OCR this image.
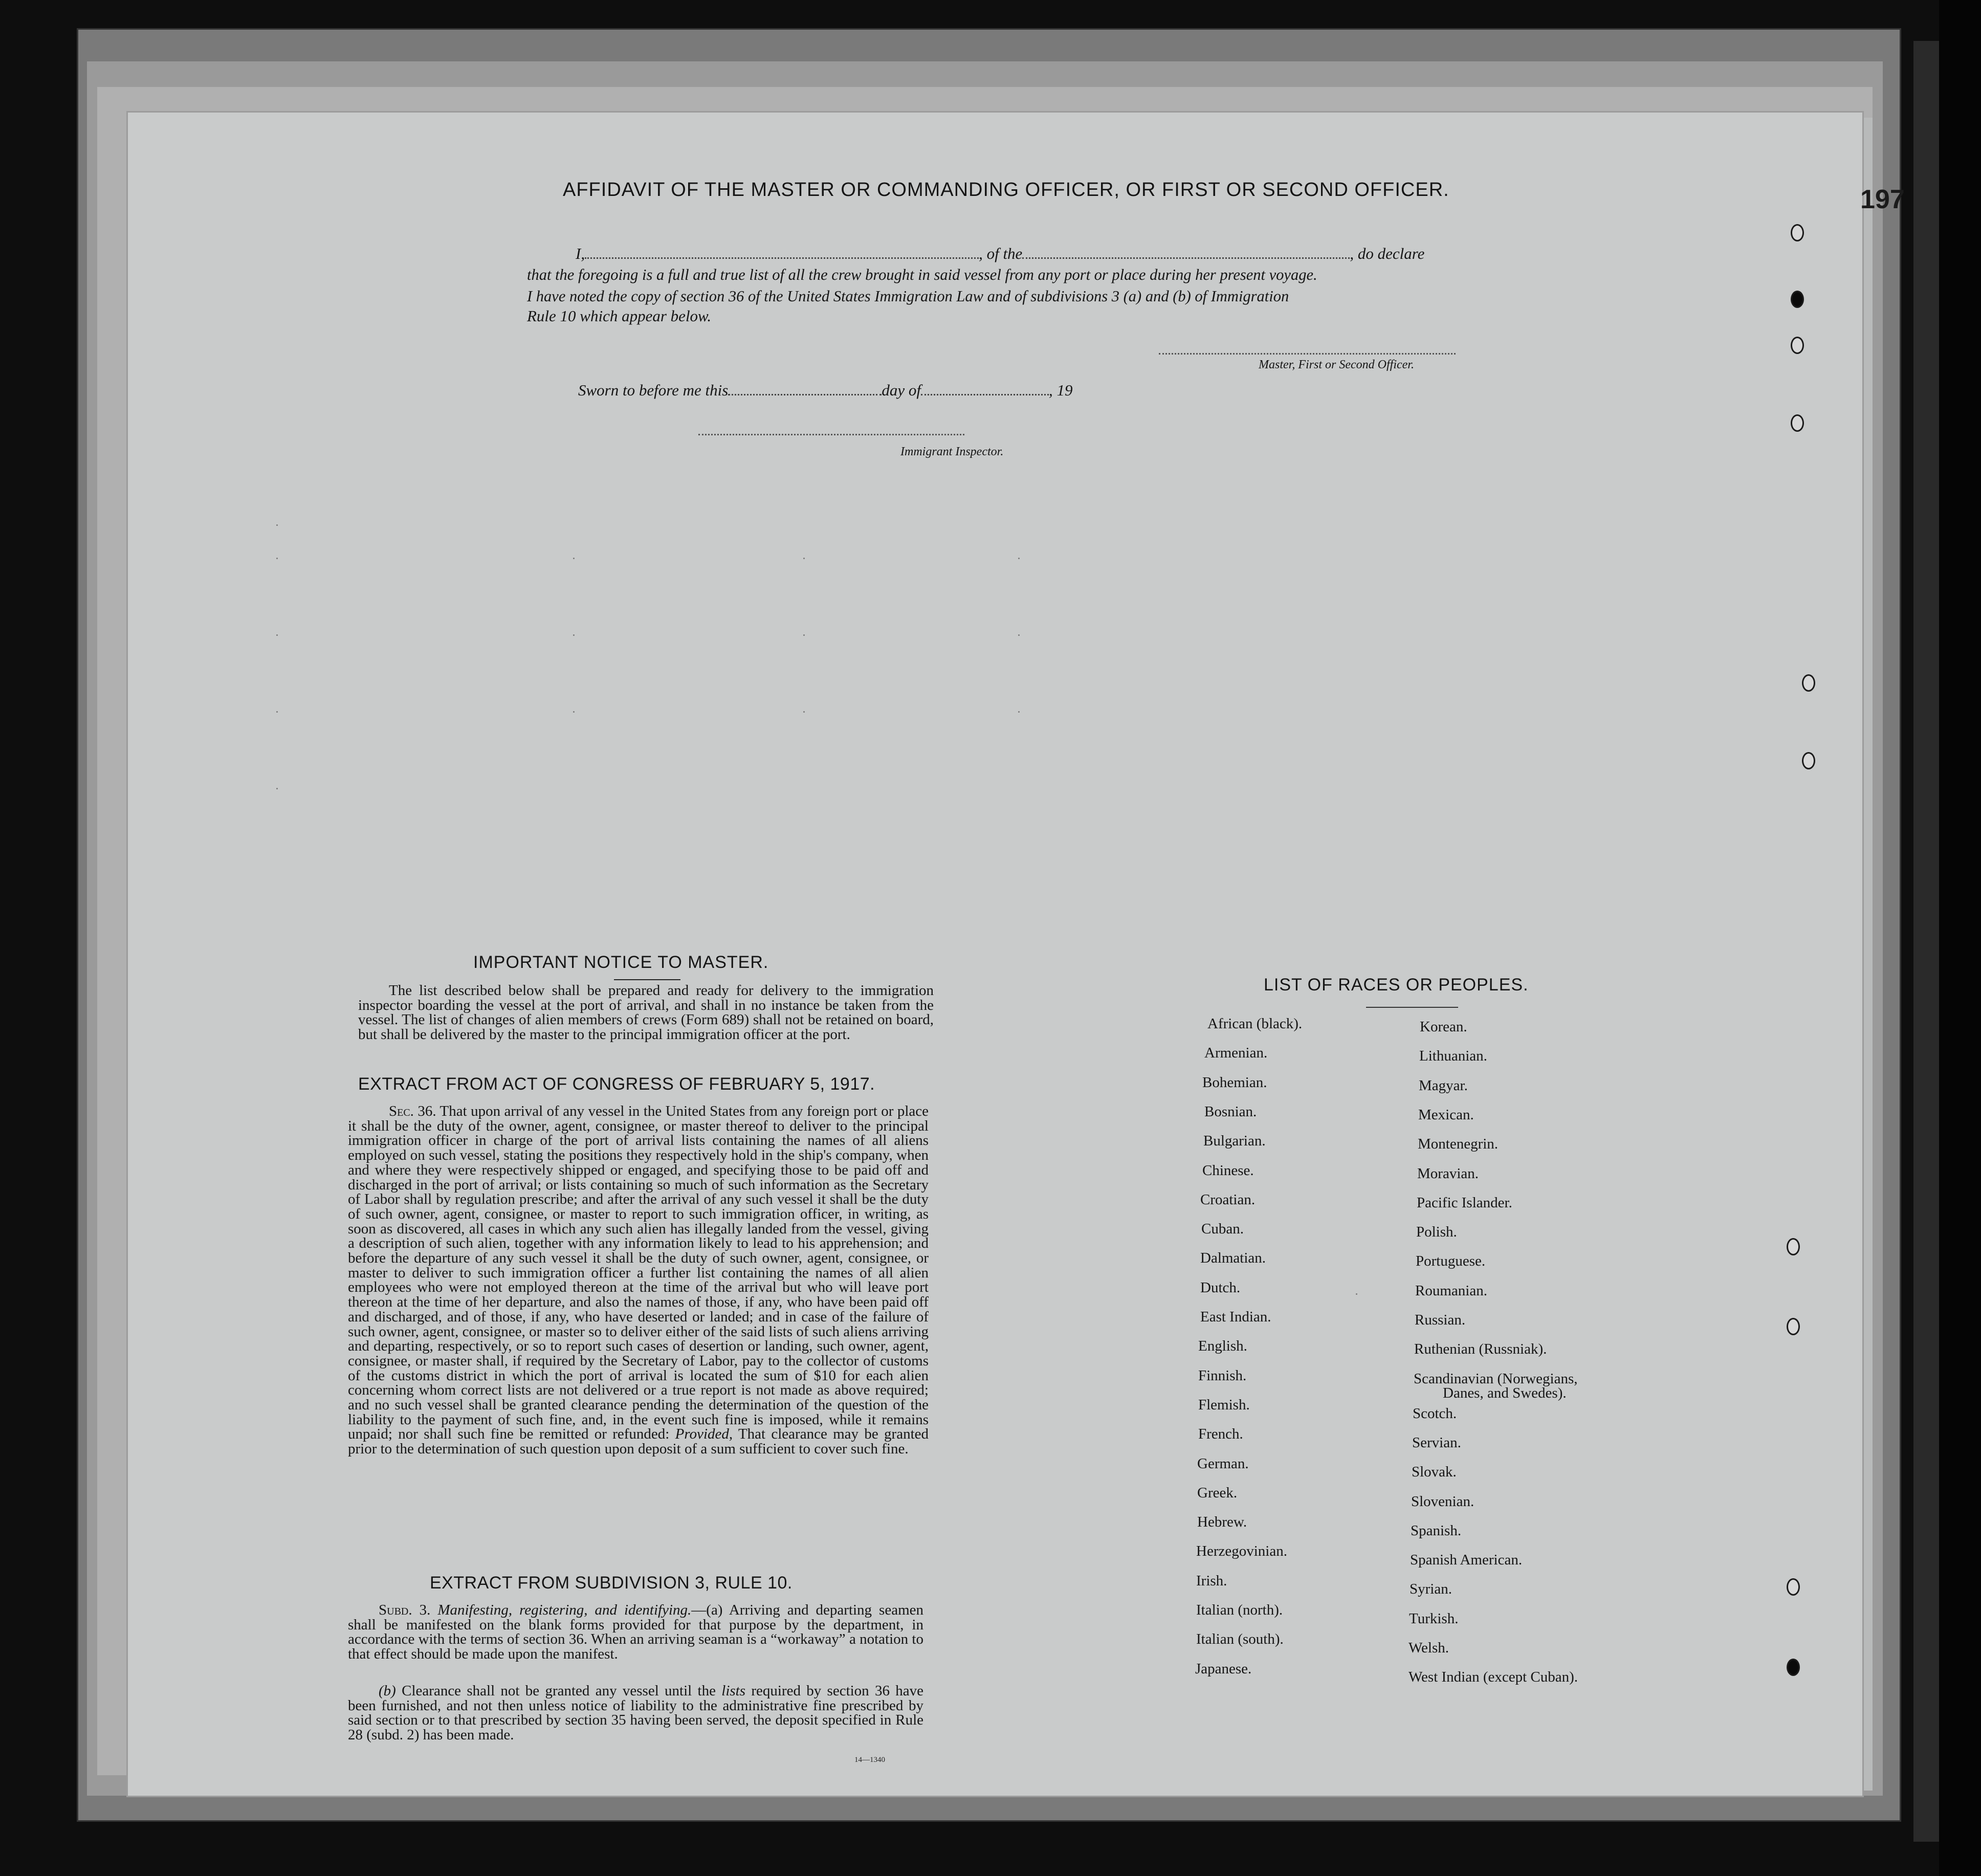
197
AFFIDAVIT OF THE MASTER OR COMMANDING OFFICER, OR FIRST OR SECOND OFFICER.
I,	, of the	, do declare
that the foregoing is a full and true list of all the crew brought in said vessel from any port or place during her present voyage.
I have noted the copy of section 36 of the United States Immigration Law and of subdivisions 3 (a) and (b) of Immigration
Rule 10 which appear below.
Master, First or Second Officer.
Sworn to before me this	day of	, 19
Immigrant Inspector.
IMPORTANT NOTICE TO MASTER.
The list described below shall be prepared and ready for delivery to the immigration inspector boarding the vessel at the port of arrival, and shall in no instance be taken from the vessel. The list of changes of alien members of crews (Form 689) shall not be retained on board, but shall be delivered by the master to the principal immigration officer at the port.
EXTRACT FROM ACT OF CONGRESS OF FEBRUARY 5, 1917.
Sec. 36. That upon arrival of any vessel in the United States from any foreign port or place it shall be the duty of the owner, agent, consignee, or master thereof to deliver to the principal immigration officer in charge of the port of arrival lists containing the names of all aliens employed on such vessel, stating the positions they respectively hold in the ship's company, when and where they were respectively shipped or engaged, and specifying those to be paid off and discharged in the port of arrival; or lists containing so much of such information as the Secretary of Labor shall by regulation prescribe; and after the arrival of any such vessel it shall be the duty of such owner, agent, consignee, or master to report to such immigration officer, in writing, as soon as discovered, all cases in which any such alien has illegally landed from the vessel, giving a description of such alien, together with any information likely to lead to his apprehension; and before the departure of any such vessel it shall be the duty of such owner, agent, consignee, or master to deliver to such immigration officer a further list containing the names of all alien employees who were not employed thereon at the time of the arrival but who will leave port thereon at the time of her departure, and also the names of those, if any, who have been paid off and discharged, and of those, if any, who have deserted or landed; and in case of the failure of such owner, agent, consignee, or master so to deliver either of the said lists of such aliens arriving and departing, respectively, or so to report such cases of desertion or landing, such owner, agent, consignee, or master shall, if required by the Secretary of Labor, pay to the collector of customs of the customs district in which the port of arrival is located the sum of $10 for each alien concerning whom correct lists are not delivered or a true report is not made as above required; and no such vessel shall be granted clearance pending the determination of the question of the liability to the payment of such fine, and, in the event such fine is imposed, while it remains unpaid; nor shall such fine be remitted or refunded: Provided, That clearance may be granted prior to the determination of such question upon deposit of a sum sufficient to cover such fine.
EXTRACT FROM SUBDIVISION 3, RULE 10.
Subd. 3. Manifesting, registering, and identifying.—(a) Arriving and departing seamen shall be manifested on the blank forms provided for that purpose by the department, in accordance with the terms of section 36. When an arriving seaman is a “workaway” a notation to that effect should be made upon the manifest.
(b) Clearance shall not be granted any vessel until the lists required by section 36 have been furnished, and not then unless notice of liability to the administrative fine prescribed by said section or to that prescribed by section 35 having been served, the deposit specified in Rule 28 (subd. 2) has been made.
14—1340
LIST OF RACES OR PEOPLES.
African (black).
Armenian.
Bohemian.
Bosnian.
Bulgarian.
Chinese.
Croatian.
Cuban.
Dalmatian.
Dutch.
East Indian.
English.
Finnish.
Flemish.
French.
German.
Greek.
Hebrew.
Herzegovinian.
Irish.
Italian (north).
Italian (south).
Japanese.
Korean.
Lithuanian.
Magyar.
Mexican.
Montenegrin.
Moravian.
Pacific Islander.
Polish.
Portuguese.
Roumanian.
Russian.
Ruthenian (Russniak).
Scandinavian (Norwegians,
Danes, and Swedes).
Scotch.
Servian.
Slovak.
Slovenian.
Spanish.
Spanish American.
Syrian.
Turkish.
Welsh.
West Indian (except Cuban).
